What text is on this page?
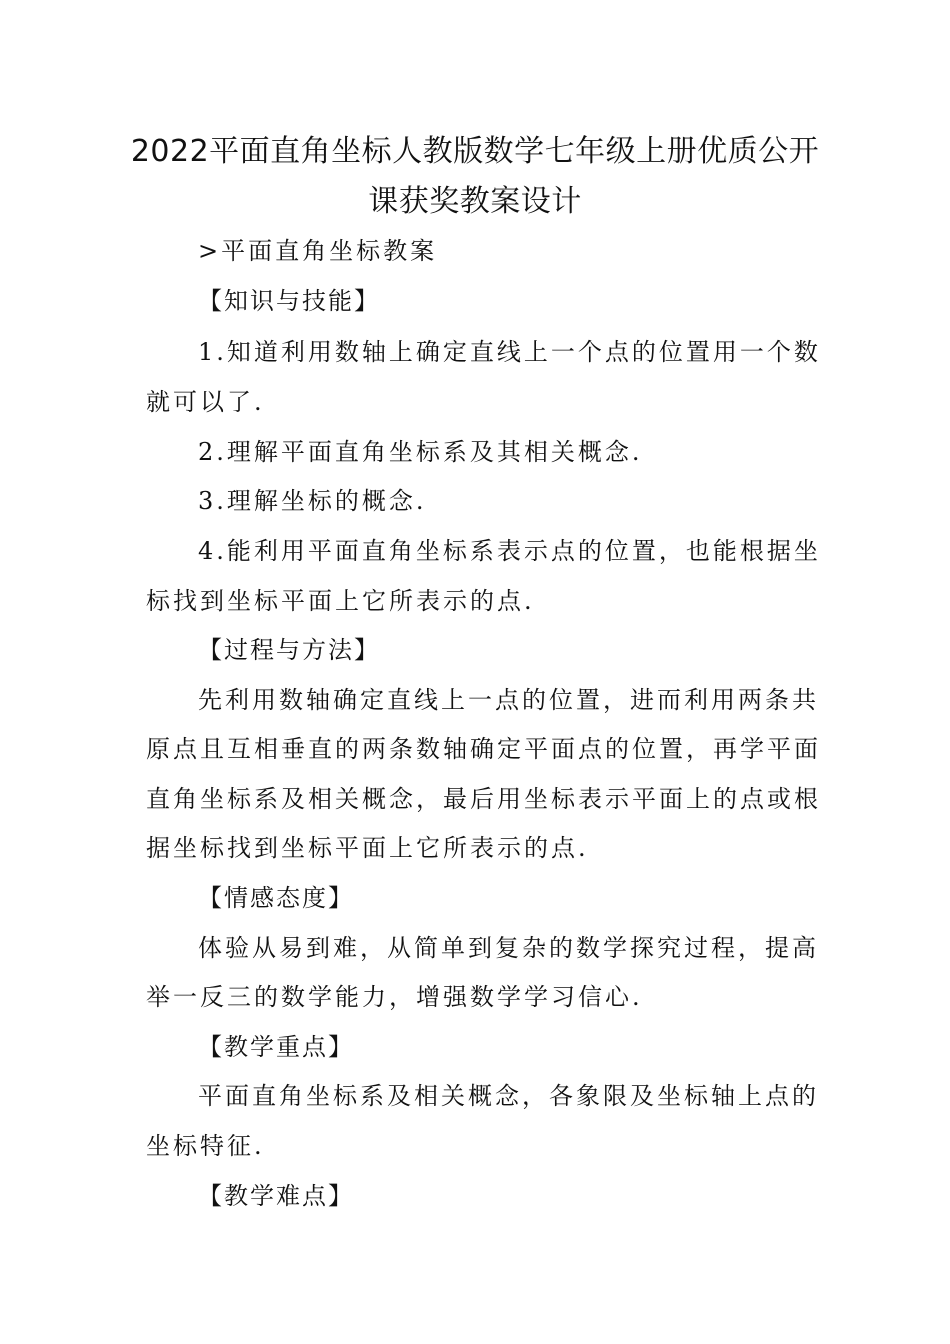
2022平面直角坐标人教版数学七年级上册优质公开
课获奖教案设计
>平面直角坐标教案
【知识与技能】
1.知道利用数轴上确定直线上一个点的位置用一个数
就可以了.
2.理解平面直角坐标系及其相关概念.
3.理解坐标的概念.
4.能利用平面直角坐标系表示点的位置，也能根据坐
标找到坐标平面上它所表示的点.
【过程与方法】
先利用数轴确定直线上一点的位置，进而利用两条共
原点且互相垂直的两条数轴确定平面点的位置，再学平面
直角坐标系及相关概念，最后用坐标表示平面上的点或根
据坐标找到坐标平面上它所表示的点.
【情感态度】
体验从易到难，从简单到复杂的数学探究过程，提高
举一反三的数学能力，增强数学学习信心.
【教学重点】
平面直角坐标系及相关概念，各象限及坐标轴上点的
坐标特征.
【教学难点】
